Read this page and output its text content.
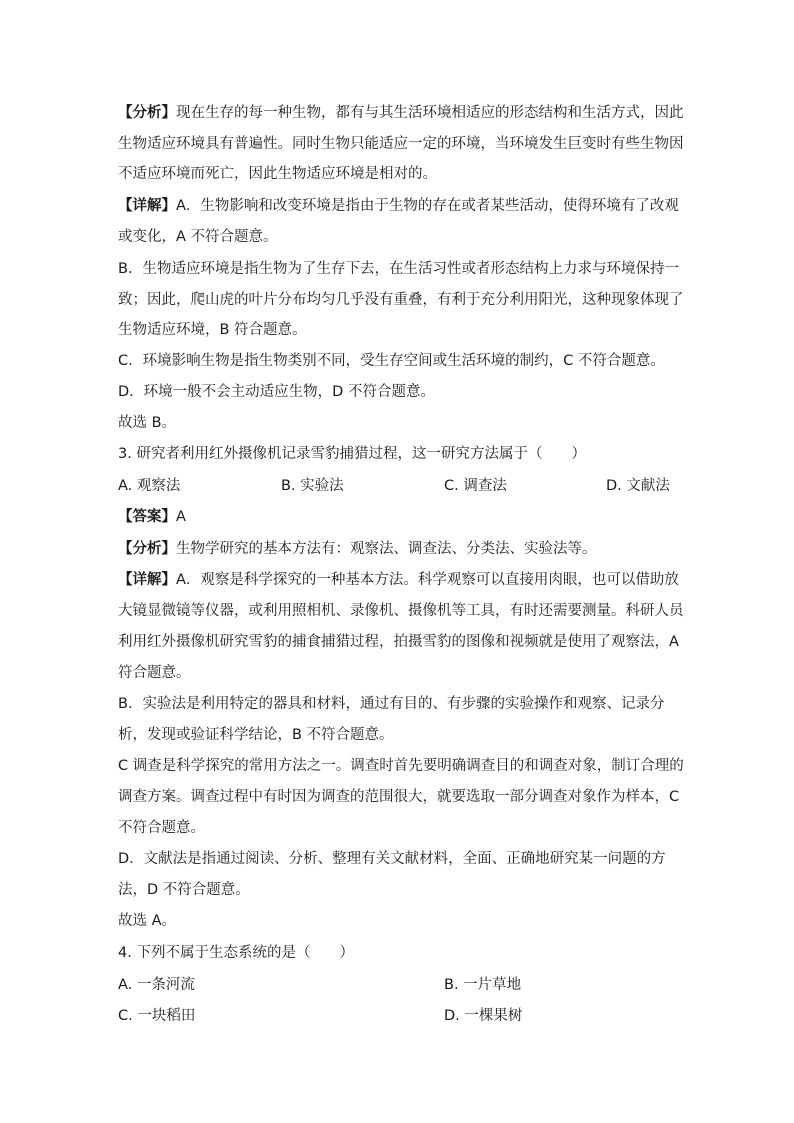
【分析】现在生存的每一种生物，都有与其生活环境相适应的形态结构和生活方式，因此
生物适应环境具有普遍性。同时生物只能适应一定的环境，当环境发生巨变时有些生物因
不适应环境而死亡，因此生物适应环境是相对的。
【详解】A．生物影响和改变环境是指由于生物的存在或者某些活动，使得环境有了改观
或变化，A 不符合题意。
B．生物适应环境是指生物为了生存下去，在生活习性或者形态结构上力求与环境保持一
致；因此，爬山虎的叶片分布均匀几乎没有重叠，有利于充分利用阳光，这种现象体现了
生物适应环境，B 符合题意。
C．环境影响生物是指生物类别不同，受生存空间或生活环境的制约，C 不符合题意。
D．环境一般不会主动适应生物，D 不符合题意。
故选 B。
3. 研究者利用红外摄像机记录雪豹捕猎过程，这一研究方法属于（　　）
A. 观察法	B. 实验法	C. 调查法	D. 文献法
【答案】A
【分析】生物学研究的基本方法有：观察法、调查法、分类法、实验法等。
【详解】A．观察是科学探究的一种基本方法。科学观察可以直接用肉眼，也可以借助放
大镜显微镜等仪器，或利用照相机、录像机、摄像机等工具，有时还需要测量。科研人员
利用红外摄像机研究雪豹的捕食捕猎过程，拍摄雪豹的图像和视频就是使用了观察法，A
符合题意。
B．实验法是利用特定的器具和材料，通过有目的、有步骤的实验操作和观察、记录分
析，发现或验证科学结论，B 不符合题意。
C 调查是科学探究的常用方法之一。调查时首先要明确调查目的和调查对象，制订合理的
调查方案。调查过程中有时因为调查的范围很大，就要选取一部分调查对象作为样本，C
不符合题意。
D．文献法是指通过阅读、分析、整理有关文献材料，全面、正确地研究某一问题的方
法，D 不符合题意。
故选 A。
4. 下列不属于生态系统的是（　　）
A. 一条河流	B. 一片草地
C. 一块稻田	D. 一棵果树
